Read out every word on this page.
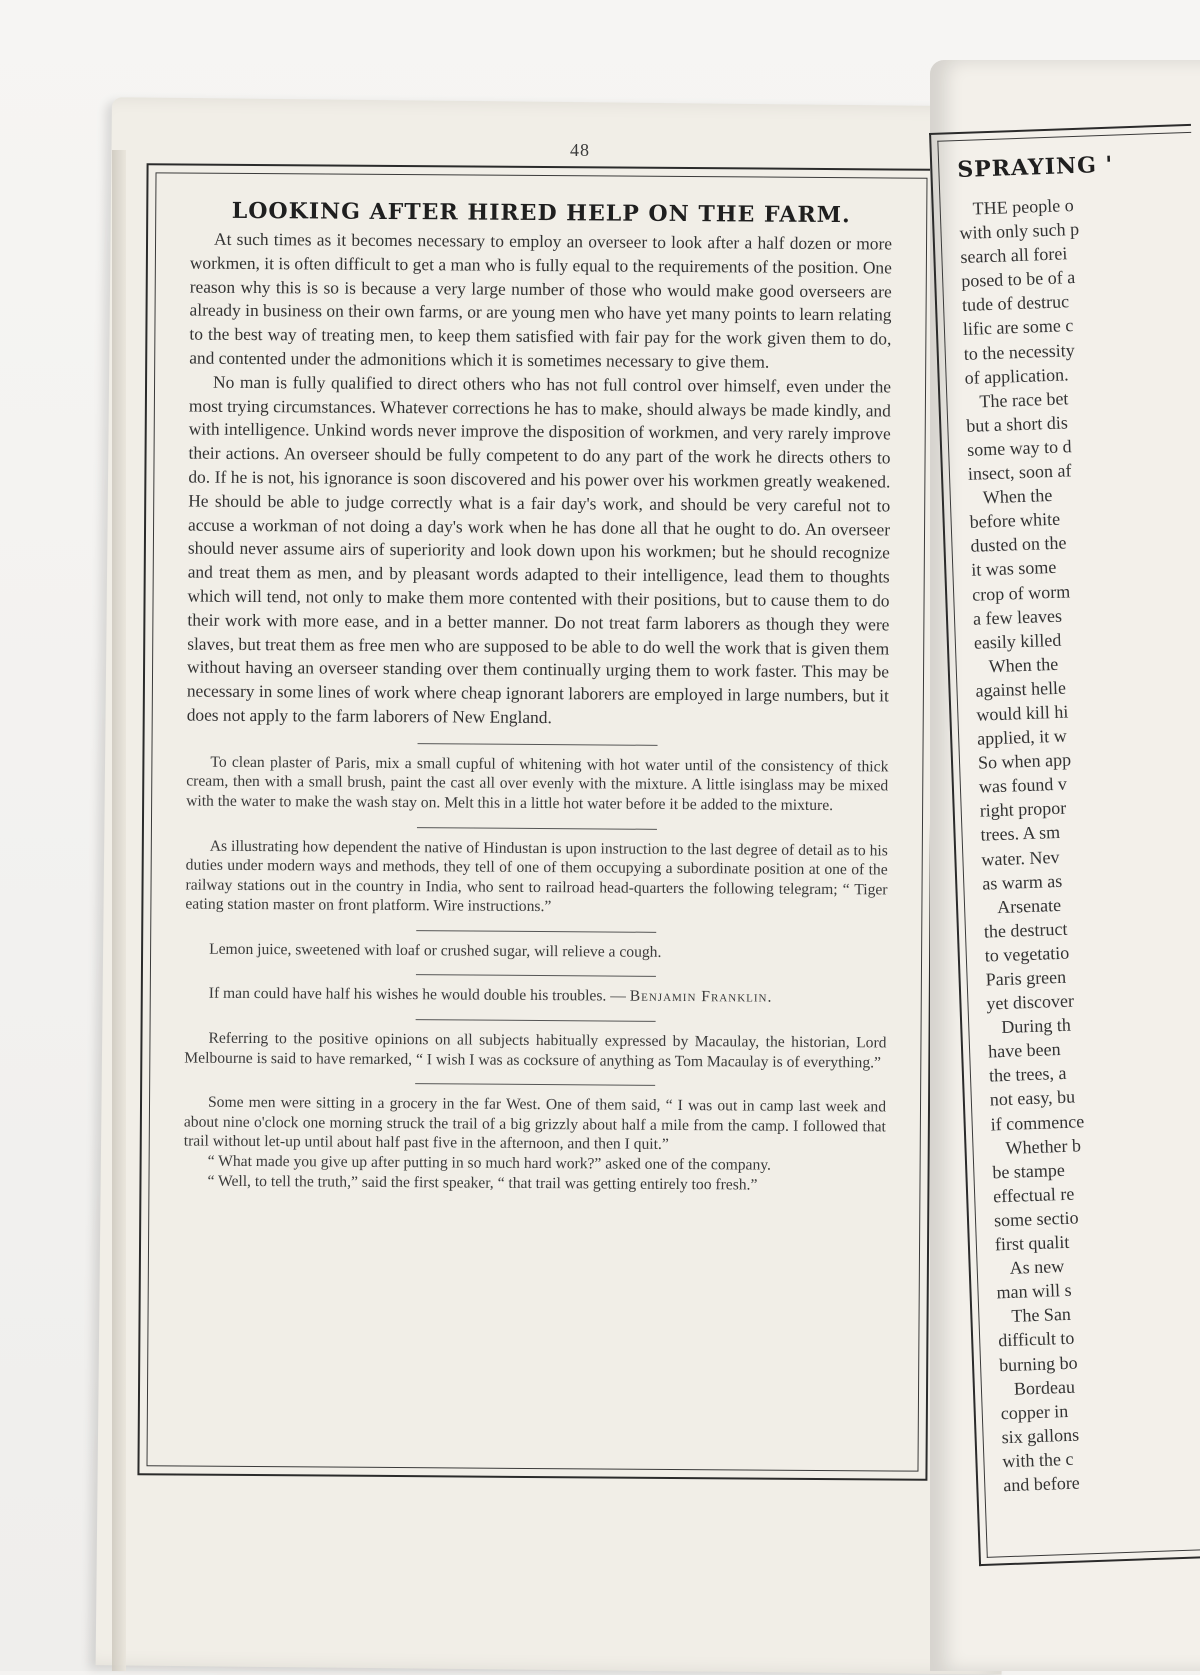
48
LOOKING AFTER HIRED HELP ON THE FARM.

At such times as it becomes necessary to employ an overseer to look after a half dozen or more workmen, it is often difficult to get a man who is fully equal to the requirements of the position. One reason why this is so is because a very large number of those who would make good overseers are already in business on their own farms, or are young men who have yet many points to learn relating to the best way of treating men, to keep them satisfied with fair pay for the work given them to do, and contented under the admonitions which it is sometimes necessary to give them.

No man is fully qualified to direct others who has not full control over himself, even under the most trying circumstances. Whatever corrections he has to make, should always be made kindly, and with intelligence. Unkind words never improve the disposition of workmen, and very rarely improve their actions. An overseer should be fully competent to do any part of the work he directs others to do. If he is not, his ignorance is soon discovered and his power over his workmen greatly weakened. He should be able to judge correctly what is a fair day's work, and should be very careful not to accuse a workman of not doing a day's work when he has done all that he ought to do. An overseer should never assume airs of superiority and look down upon his workmen; but he should recognize and treat them as men, and by pleasant words adapted to their intelligence, lead them to thoughts which will tend, not only to make them more contented with their positions, but to cause them to do their work with more ease, and in a better manner. Do not treat farm laborers as though they were slaves, but treat them as free men who are supposed to be able to do well the work that is given them without having an overseer standing over them continually urging them to work faster. This may be necessary in some lines of work where cheap ignorant laborers are employed in large numbers, but it does not apply to the farm laborers of New England.

To clean plaster of Paris, mix a small cupful of whitening with hot water until of the consistency of thick cream, then with a small brush, paint the cast all over evenly with the mixture. A little isinglass may be mixed with the water to make the wash stay on. Melt this in a little hot water before it be added to the mixture.

As illustrating how dependent the native of Hindustan is upon instruction to the last degree of detail as to his duties under modern ways and methods, they tell of one of them occupying a subordinate position at one of the railway stations out in the country in India, who sent to railroad head-quarters the following telegram; “ Tiger eating station master on front platform. Wire instructions.”

Lemon juice, sweetened with loaf or crushed sugar, will relieve a cough.

If man could have half his wishes he would double his troubles. — Benjamin Franklin.

Referring to the positive opinions on all subjects habitually expressed by Macaulay, the historian, Lord Melbourne is said to have remarked, “ I wish I was as cocksure of anything as Tom Macaulay is of everything.”

Some men were sitting in a grocery in the far West. One of them said, “ I was out in camp last week and about nine o'clock one morning struck the trail of a big grizzly about half a mile from the camp. I followed that trail without let-up until about half past five in the afternoon, and then I quit.”

“ What made you give up after putting in so much hard work?” asked one of the company.

“ Well, to tell the truth,” said the first speaker, “ that trail was getting entirely too fresh.”

SPRAYING '
THE people o
with only such p
search all forei
posed to be of a
tude of destruc
lific are some c
to the necessity
of application.
The race bet
but a short dis
some way to d
insect, soon af
When the
before white
dusted on the
it was some
crop of worm
a few leaves
easily killed
When the
against helle
would kill hi
applied, it w
So when app
was found v
right propor
trees. A sm
water. Nev
as warm as
Arsenate
the destruct
to vegetatio
Paris green
yet discover
During th
have been
the trees, a
not easy, bu
if commence
Whether b
be stampe
effectual re
some sectio
first qualit
As new
man will s
The San
difficult to
burning bo
Bordeau
copper in
six gallons
with the c
and before
